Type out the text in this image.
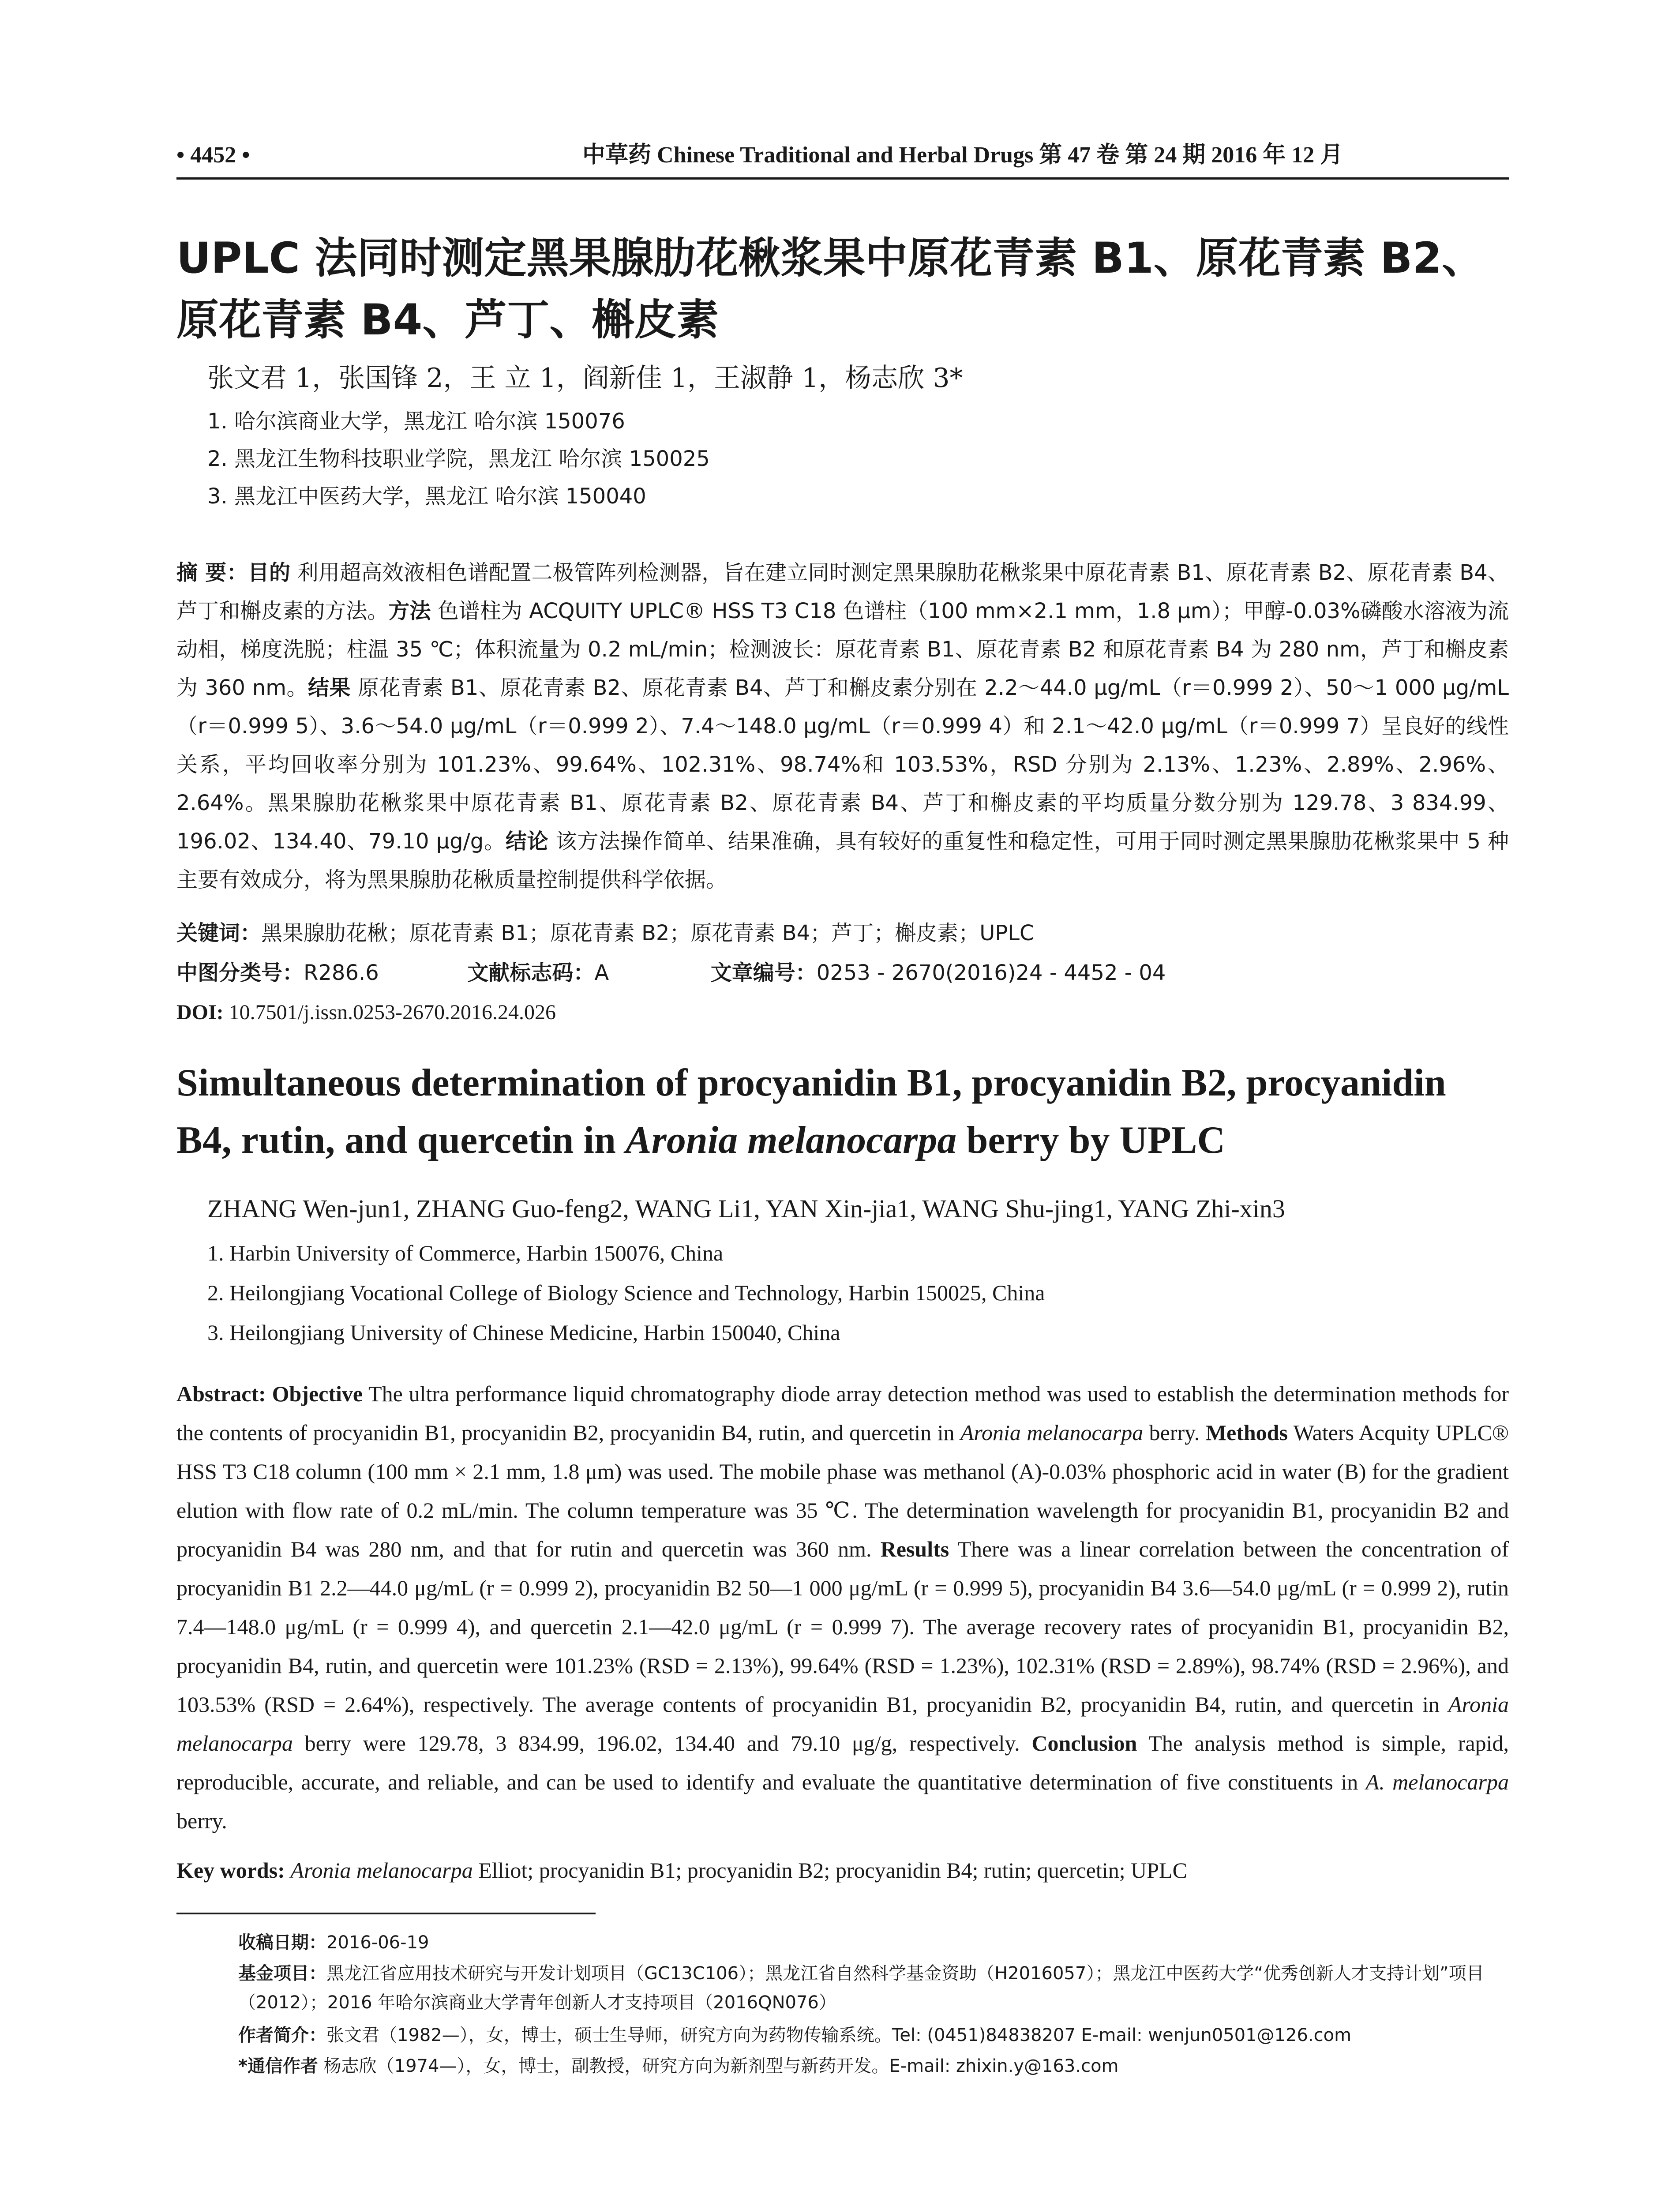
• 4452 •	中草药 Chinese Traditional and Herbal Drugs 第 47 卷 第 24 期 2016 年 12 月
UPLC 法同时测定黑果腺肋花楸浆果中原花青素 B1、原花青素 B2、原花青素 B4、芦丁、槲皮素
张文君 1，张国锋 2，王 立 1，阎新佳 1，王淑静 1，杨志欣 3*
1. 哈尔滨商业大学，黑龙江 哈尔滨 150076
2. 黑龙江生物科技职业学院，黑龙江 哈尔滨 150025
3. 黑龙江中医药大学，黑龙江 哈尔滨 150040
摘 要：目的 利用超高效液相色谱配置二极管阵列检测器，旨在建立同时测定黑果腺肋花楸浆果中原花青素 B1、原花青素 B2、原花青素 B4、芦丁和槲皮素的方法。方法 色谱柱为 ACQUITY UPLC® HSS T3 C18 色谱柱（100 mm×2.1 mm，1.8 μm）；甲醇-0.03%磷酸水溶液为流动相，梯度洗脱；柱温 35 ℃；体积流量为 0.2 mL/min；检测波长：原花青素 B1、原花青素 B2 和原花青素 B4 为 280 nm，芦丁和槲皮素为 360 nm。结果 原花青素 B1、原花青素 B2、原花青素 B4、芦丁和槲皮素分别在 2.2～44.0 μg/mL（r＝0.999 2）、50～1 000 μg/mL（r＝0.999 5）、3.6～54.0 μg/mL（r＝0.999 2）、7.4～148.0 μg/mL（r＝0.999 4）和 2.1～42.0 μg/mL（r＝0.999 7）呈良好的线性关系，平均回收率分别为 101.23%、99.64%、102.31%、98.74%和 103.53%，RSD 分别为 2.13%、1.23%、2.89%、2.96%、2.64%。黑果腺肋花楸浆果中原花青素 B1、原花青素 B2、原花青素 B4、芦丁和槲皮素的平均质量分数分别为 129.78、3 834.99、196.02、134.40、79.10 μg/g。结论 该方法操作简单、结果准确，具有较好的重复性和稳定性，可用于同时测定黑果腺肋花楸浆果中 5 种主要有效成分，将为黑果腺肋花楸质量控制提供科学依据。
关键词：黑果腺肋花楸；原花青素 B1；原花青素 B2；原花青素 B4；芦丁；槲皮素；UPLC
中图分类号：R286.6	文献标志码：A	文章编号：0253 - 2670(2016)24 - 4452 - 04
DOI: 10.7501/j.issn.0253-2670.2016.24.026
Simultaneous determination of procyanidin B1, procyanidin B2, procyanidin B4, rutin, and quercetin in Aronia melanocarpa berry by UPLC
ZHANG Wen-jun1, ZHANG Guo-feng2, WANG Li1, YAN Xin-jia1, WANG Shu-jing1, YANG Zhi-xin3
1. Harbin University of Commerce, Harbin 150076, China
2. Heilongjiang Vocational College of Biology Science and Technology, Harbin 150025, China
3. Heilongjiang University of Chinese Medicine, Harbin 150040, China
Abstract: Objective The ultra performance liquid chromatography diode array detection method was used to establish the determination methods for the contents of procyanidin B1, procyanidin B2, procyanidin B4, rutin, and quercetin in Aronia melanocarpa berry. Methods Waters Acquity UPLC® HSS T3 C18 column (100 mm × 2.1 mm, 1.8 μm) was used. The mobile phase was methanol (A)-0.03% phosphoric acid in water (B) for the gradient elution with flow rate of 0.2 mL/min. The column temperature was 35 ℃. The determination wavelength for procyanidin B1, procyanidin B2 and procyanidin B4 was 280 nm, and that for rutin and quercetin was 360 nm. Results There was a linear correlation between the concentration of procyanidin B1 2.2—44.0 μg/mL (r = 0.999 2), procyanidin B2 50—1 000 μg/mL (r = 0.999 5), procyanidin B4 3.6—54.0 μg/mL (r = 0.999 2), rutin 7.4—148.0 μg/mL (r = 0.999 4), and quercetin 2.1—42.0 μg/mL (r = 0.999 7). The average recovery rates of procyanidin B1, procyanidin B2, procyanidin B4, rutin, and quercetin were 101.23% (RSD = 2.13%), 99.64% (RSD = 1.23%), 102.31% (RSD = 2.89%), 98.74% (RSD = 2.96%), and 103.53% (RSD = 2.64%), respectively. The average contents of procyanidin B1, procyanidin B2, procyanidin B4, rutin, and quercetin in Aronia melanocarpa berry were 129.78, 3 834.99, 196.02, 134.40 and 79.10 μg/g, respectively. Conclusion The analysis method is simple, rapid, reproducible, accurate, and reliable, and can be used to identify and evaluate the quantitative determination of five constituents in A. melanocarpa berry.
Key words: Aronia melanocarpa Elliot; procyanidin B1; procyanidin B2; procyanidin B4; rutin; quercetin; UPLC
收稿日期：2016-06-19
基金项目：黑龙江省应用技术研究与开发计划项目（GC13C106）；黑龙江省自然科学基金资助（H2016057）；黑龙江中医药大学“优秀创新人才支持计划”项目（2012）；2016 年哈尔滨商业大学青年创新人才支持项目（2016QN076）
作者简介：张文君（1982—），女，博士，硕士生导师，研究方向为药物传输系统。Tel: (0451)84838207 E-mail: wenjun0501@126.com
*通信作者 杨志欣（1974—），女，博士，副教授，研究方向为新剂型与新药开发。E-mail: zhixin.y@163.com
